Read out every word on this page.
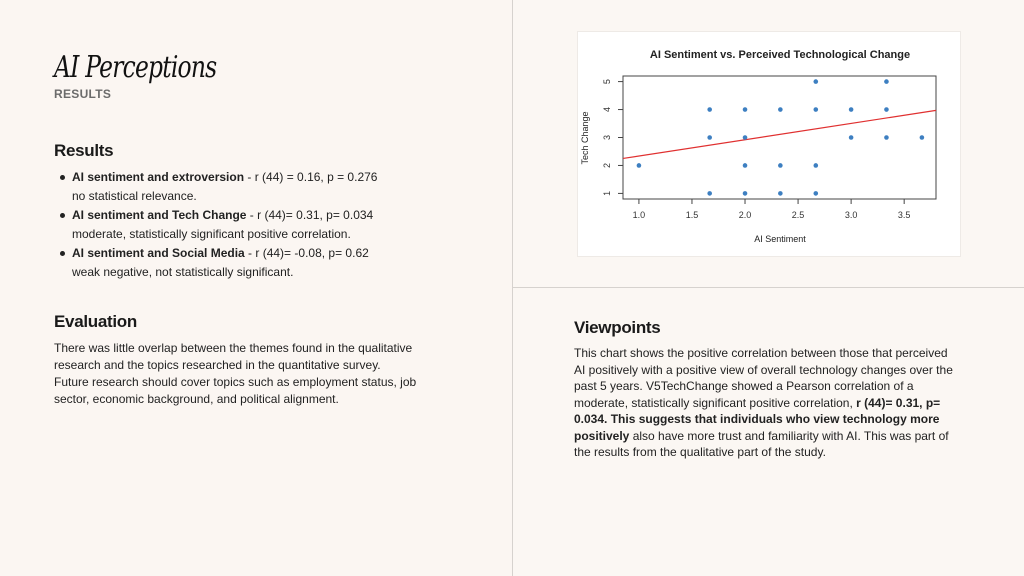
AI Perceptions
RESULTS
Results
AI sentiment and extroversion - r (44) = 0.16, p = 0.276
no statistical relevance.
AI sentiment and Tech Change - r (44)= 0.31, p= 0.034
moderate, statistically significant positive correlation.
AI sentiment and Social Media - r (44)= -0.08, p= 0.62
weak negative, not statistically significant.
Evaluation
There was little overlap between the themes found in the qualitative research and the topics researched in the quantitative survey.
Future research should cover topics such as employment status, job sector, economic background, and political alignment.
AI Sentiment vs. Perceived Technological Change
1.0	1.5	2.0	2.5	3.0	3.5
1
2
3
4
5
AI Sentiment
Tech Change
Viewpoints
This chart shows the positive correlation between those that perceived AI positively with a positive view of overall technology changes over the past 5 years. V5TechChange showed a Pearson correlation of a moderate, statistically significant positive correlation, r (44)= 0.31, p= 0.034. This suggests that individuals who view technology more positively also have more trust and familiarity with AI. This was part of the results from the qualitative part of the study.
